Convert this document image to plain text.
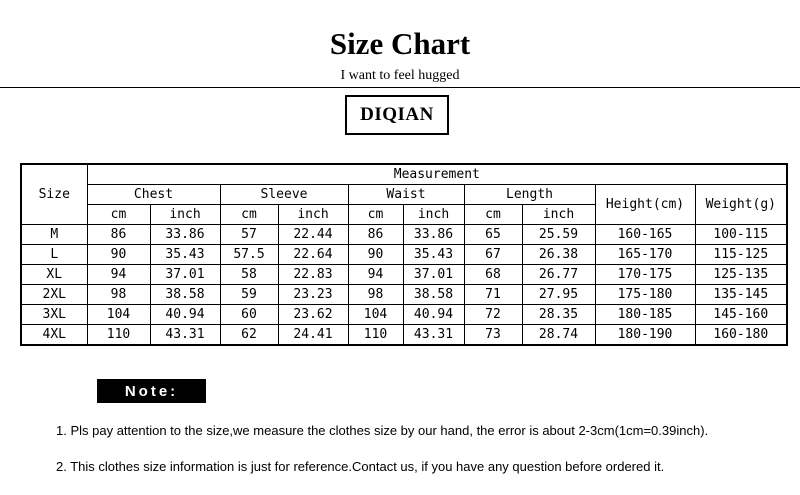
Size Chart
I want to feel hugged
DIQIAN
Size	Measurement									
	Chest		Sleeve		Waist		Length		Height(cm)	Weight(g)
	cm	inch	cm	inch	cm	inch	cm	inch		
M	86	33.86	57	22.44	86	33.86	65	25.59	160-165	100-115
L	90	35.43	57.5	22.64	90	35.43	67	26.38	165-170	115-125
XL	94	37.01	58	22.83	94	37.01	68	26.77	170-175	125-135
2XL	98	38.58	59	23.23	98	38.58	71	27.95	175-180	135-145
3XL	104	40.94	60	23.62	104	40.94	72	28.35	180-185	145-160
4XL	110	43.31	62	24.41	110	43.31	73	28.74	180-190	160-180
Note:
1. Pls pay attention to the size,we measure the clothes size by our hand, the error is about 2-3cm(1cm=0.39inch).
2. This clothes size information is just for reference.Contact us, if you have any question before ordered it.
